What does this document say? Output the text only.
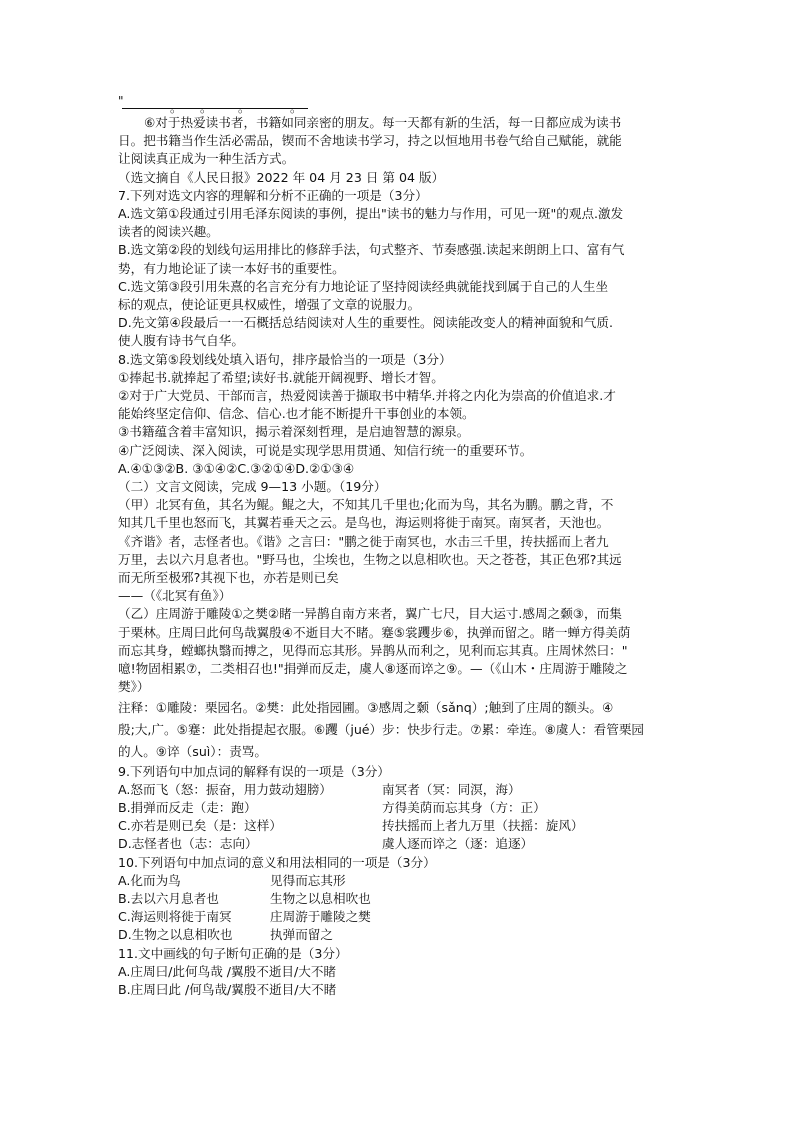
"	。 。 。	。

⑥对于热爱读书者，书籍如同亲密的朋友。每一天都有新的生活，每一日都应成为读书

日。把书籍当作生活必需品，锲而不舍地读书学习，持之以恒地用书卷气给自己赋能，就能

让阅读真正成为一种生活方式。

（选文摘自《人民日报》2022 年 04 月 23 日 第 04 版）

7.下列对选文内容的理解和分析不正确的一项是（3分）

A.选文第①段通过引用毛泽东阅读的事例，提出"读书的魅力与作用，可见一斑"的观点.激发

读者的阅读兴趣。

B.选文第②段的划线句运用排比的修辞手法，句式整齐、节奏感强.读起来朗朗上口、富有气

势，有力地论证了读一本好书的重要性。

C.选文第③段引用朱熹的名言充分有力地论证了坚持阅读经典就能找到属于自己的人生坐

标的观点，使论证更具权威性，增强了文章的说服力。

D.先文第④段最后一一石概括总结阅读对人生的重要性。阅读能改变人的精神面貌和气质.

使人腹有诗书气自华。

8.选文第⑤段划线处填入语句，排序最恰当的一项是（3分）

①捧起书.就捧起了希望;读好书.就能开阔视野、增长才智。

②对于广大党员、干部而言，热爱阅读善于撷取书中精华.并将之内化为崇高的价值追求.才

能始终坚定信仰、信念、信心.也才能不断提升干事创业的本领。

③书籍蕴含着丰富知识，揭示着深刻哲理，是启迪智慧的源泉。

④广泛阅读、深入阅读，可说是实现学思用贯通、知信行统一的重要环节。

A.④①③②B. ③①④②C.③②①④D.②①③④

（二）文言文阅读，完成 9—13 小题。（19分）

（甲）北冥有鱼，其名为鲲。鲲之大，不知其几千里也;化而为鸟，其名为鹏。鹏之背，不

知其几千里也怒而飞，其翼若垂天之云。是鸟也，海运则将徙于南冥。南冥者，天池也。

《齐谐》者，志怪者也。《谐》之言曰："鹏之徙于南冥也，水击三千里，抟扶摇而上者九

万里，去以六月息者也。"野马也，尘埃也，生物之以息相吹也。天之苍苍，其正色邪?其远

而无所至极邪?其视下也，亦若是则已矣

——（《北冥有鱼》）

（乙）庄周游于雕陵①之樊②睹一异鹊自南方来者，翼广七尺，目大运寸.感周之颡③，而集

于栗林。庄周曰此何鸟哉翼殷④不逝目大不睹。蹇⑤裳躩步⑥，执弹而留之。睹一蝉方得美荫

而忘其身，螳螂执翳而搏之，见得而忘其形。异鹊从而利之，见利而忘其真。庄周怵然曰："

噫!物固相累⑦，二类相召也!"捐弹而反走，虞人⑧逐而谇之⑨。—（《山木・庄周游于雕陵之

樊》）

注释：①雕陵：栗园名。②樊：此处指园圃。③感周之颡（sǎnq）;触到了庄周的额头。④

殷;大,广。⑤蹇：此处指提起衣服。⑥躩（jué）步：快步行走。⑦累：牵连。⑧虞人：看管栗园

的人。⑨谇（suì）：责骂。

9.下列语句中加点词的解释有误的一项是（3分）

A.怒而飞（怒：振奋，用力鼓动翅膀）	南冥者（冥：同溟，海）
B.捐弹而反走（走：跑）	方得美荫而忘其身（方：正）
C.亦若是则已矣（是：这样）	抟扶摇而上者九万里（扶摇：旋风）
D.志怪者也（志：志向）	虞人逐而谇之（逐：追逐）

10.下列语句中加点词的意义和用法相同的一项是（3分）

A.化而为鸟	见得而忘其形
B.去以六月息者也	生物之以息相吹也
C.海运则将徙于南冥	庄周游于雕陵之樊
D.生物之以息相吹也	执弹而留之

11.文中画线的句子断句正确的是（3分）

A.庄周曰/此何鸟哉 /翼殷不逝目/大不睹

B.庄周曰此 /何鸟哉/翼殷不逝目/大不睹
